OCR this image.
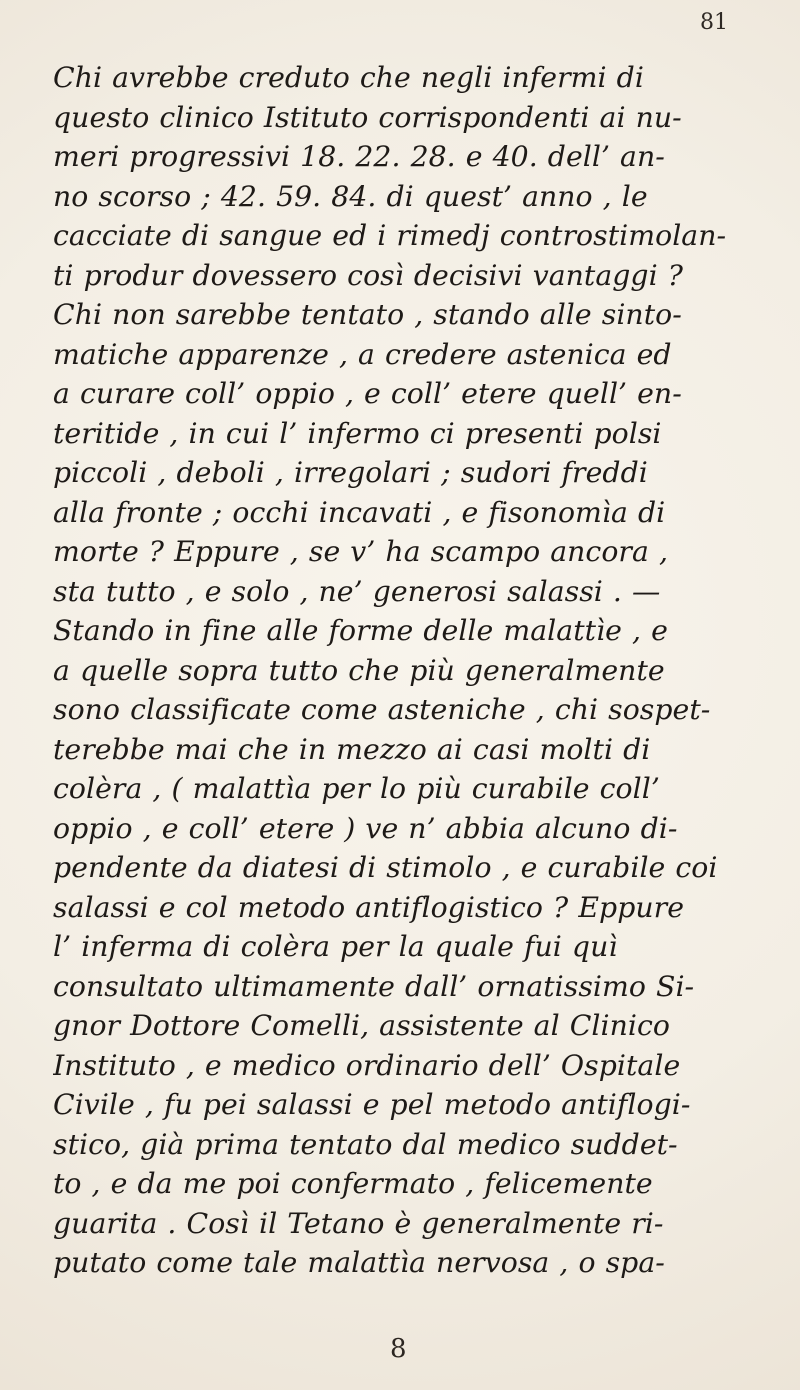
81
Chi avrebbe creduto che negli infermi di
questo clinico Istituto corrispondenti ai nu-
meri progressivi 18. 22. 28. e 40. dell’ an-
no scorso ; 42. 59. 84. di quest’ anno , le
cacciate di sangue ed i rimedj controstimolan-
ti produr dovessero così decisivi vantaggi ?
Chi non sarebbe tentato , stando alle sinto-
matiche apparenze , a credere astenica ed
a curare coll’ oppio , e coll’ etere quell’ en-
teritide , in cui l’ infermo ci presenti polsi
piccoli , deboli , irregolari ; sudori freddi
alla fronte ; occhi incavati , e fisonomìa di
morte ? Eppure , se v’ ha scampo ancora ,
sta tutto , e solo , ne’ generosi salassi . —
Stando in fine alle forme delle malattìe , e
a quelle sopra tutto che più generalmente
sono classificate come asteniche , chi sospet-
terebbe mai che in mezzo ai casi molti di
colèra , ( malattìa per lo più curabile coll’
oppio , e coll’ etere ) ve n’ abbia alcuno di-
pendente da diatesi di stimolo , e curabile coi
salassi e col metodo antiflogistico ? Eppure
l’ inferma di colèra per la quale fui quì
consultato ultimamente dall’ ornatissimo Si-
gnor Dottore Comelli, assistente al Clinico
Instituto , e medico ordinario dell’ Ospitale
Civile , fu pei salassi e pel metodo antiflogi-
stico, già prima tentato dal medico suddet-
to , e da me poi confermato , felicemente
guarita . Così il Tetano è generalmente ri-
putato come tale malattìa nervosa , o spa-
8
